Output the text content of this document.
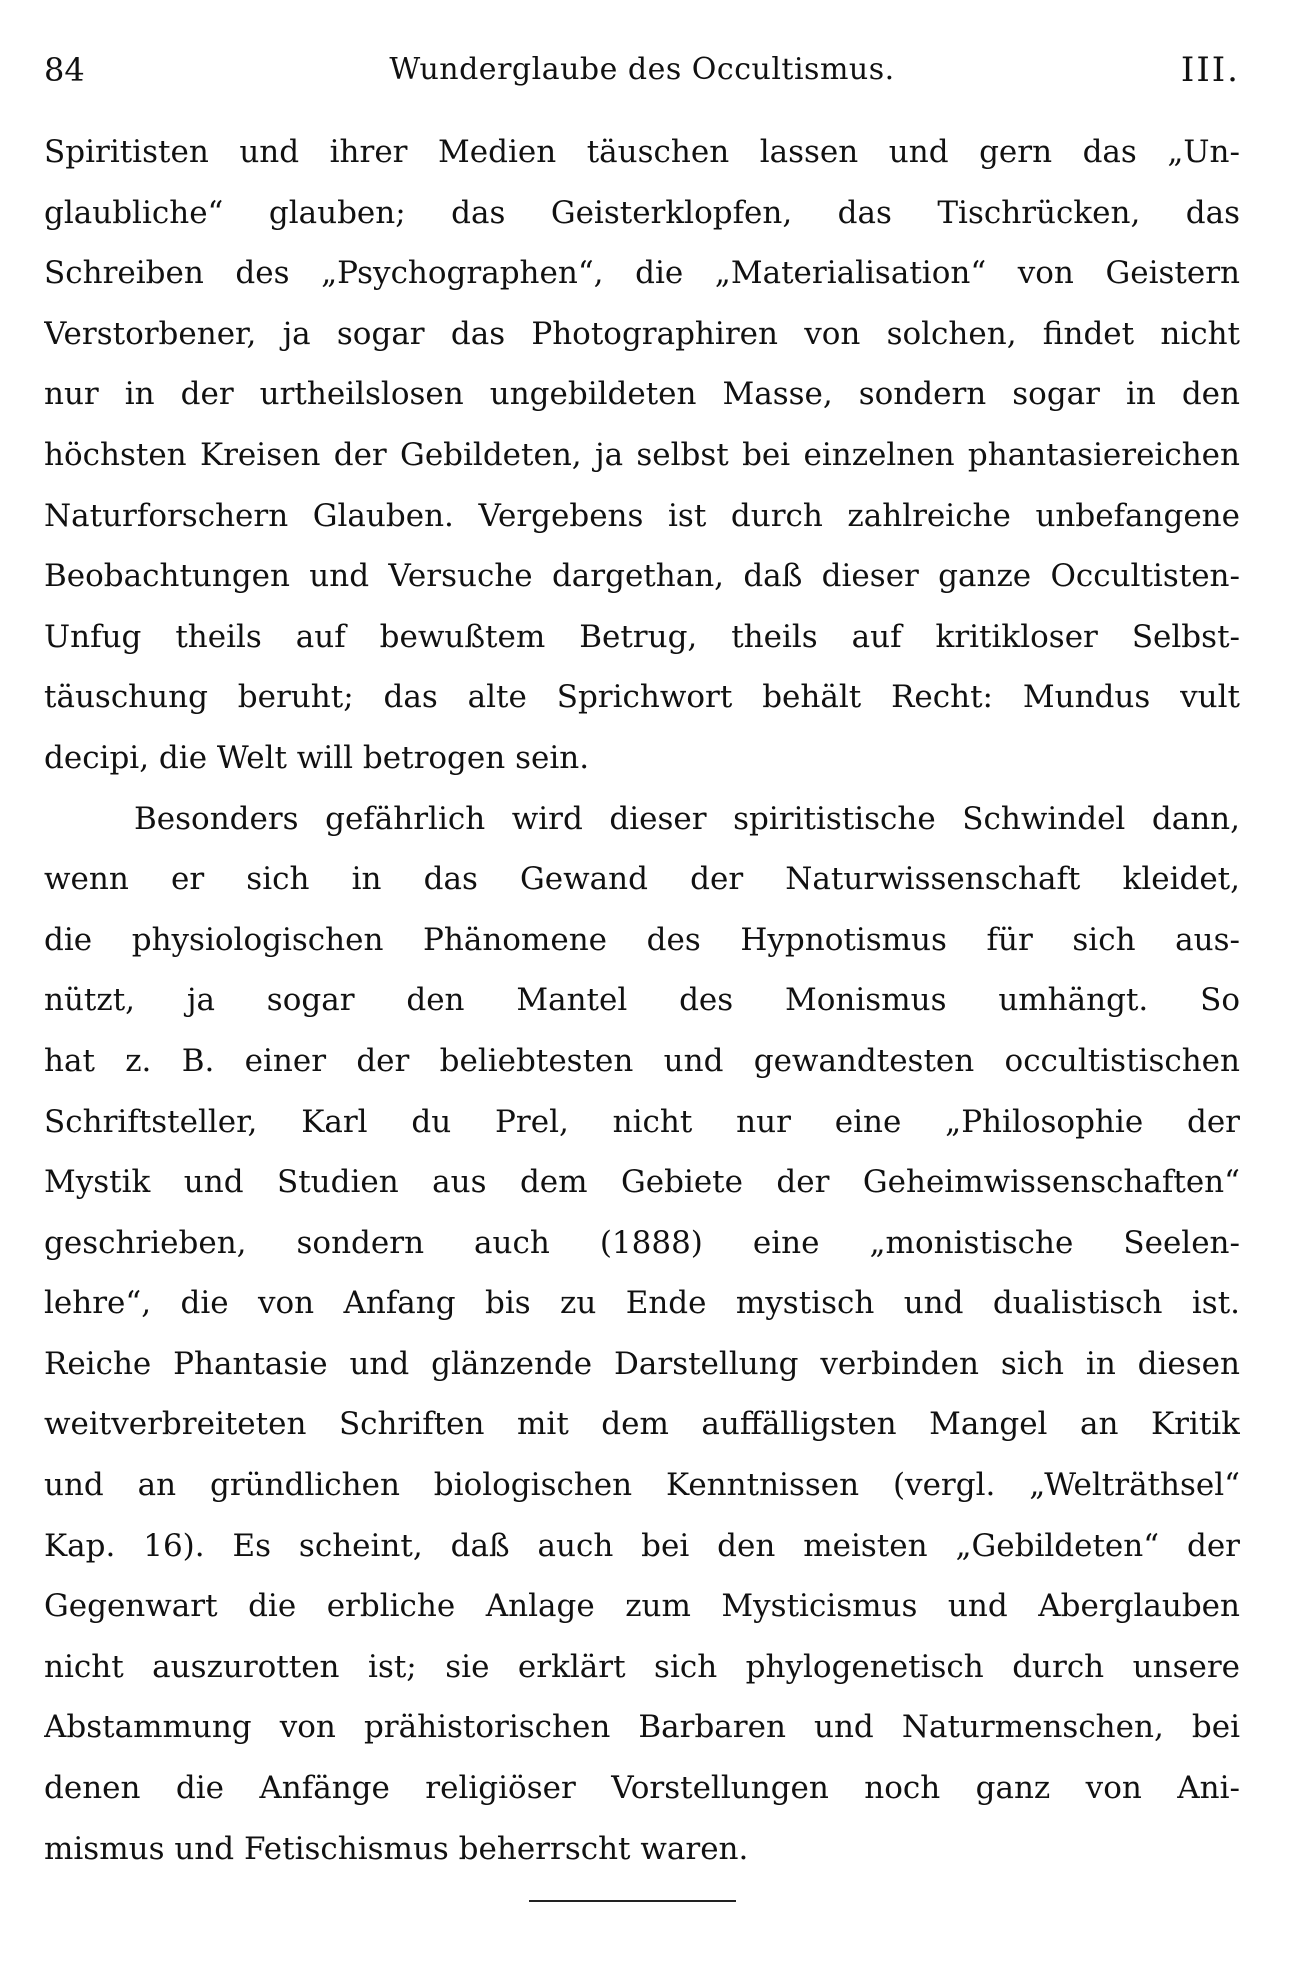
84	Wunderglaube des Occultismus.	III.
Spiritisten und ihrer Medien täuschen lassen und gern das „Un-
glaubliche“ glauben; das Geisterklopfen, das Tischrücken, das
Schreiben des „Psychographen“, die „Materialisation“ von Geistern
Verstorbener, ja sogar das Photographiren von solchen, findet nicht
nur in der urtheilslosen ungebildeten Masse, sondern sogar in den
höchsten Kreisen der Gebildeten, ja selbst bei einzelnen phantasiereichen
Naturforschern Glauben. Vergebens ist durch zahlreiche unbefangene
Beobachtungen und Versuche dargethan, daß dieser ganze Occultisten-
Unfug theils auf bewußtem Betrug, theils auf kritikloser Selbst-
täuschung beruht; das alte Sprichwort behält Recht: Mundus vult
decipi, die Welt will betrogen sein.
Besonders gefährlich wird dieser spiritistische Schwindel dann,
wenn er sich in das Gewand der Naturwissenschaft kleidet,
die physiologischen Phänomene des Hypnotismus für sich aus-
nützt, ja sogar den Mantel des Monismus umhängt. So
hat z. B. einer der beliebtesten und gewandtesten occultistischen
Schriftsteller, Karl du Prel, nicht nur eine „Philosophie der
Mystik und Studien aus dem Gebiete der Geheimwissenschaften“
geschrieben, sondern auch (1888) eine „monistische Seelen-
lehre“, die von Anfang bis zu Ende mystisch und dualistisch ist.
Reiche Phantasie und glänzende Darstellung verbinden sich in diesen
weitverbreiteten Schriften mit dem auffälligsten Mangel an Kritik
und an gründlichen biologischen Kenntnissen (vergl. „Welträthsel“
Kap. 16). Es scheint, daß auch bei den meisten „Gebildeten“ der
Gegenwart die erbliche Anlage zum Mysticismus und Aberglauben
nicht auszurotten ist; sie erklärt sich phylogenetisch durch unsere
Abstammung von prähistorischen Barbaren und Naturmenschen, bei
denen die Anfänge religiöser Vorstellungen noch ganz von Ani-
mismus und Fetischismus beherrscht waren.
